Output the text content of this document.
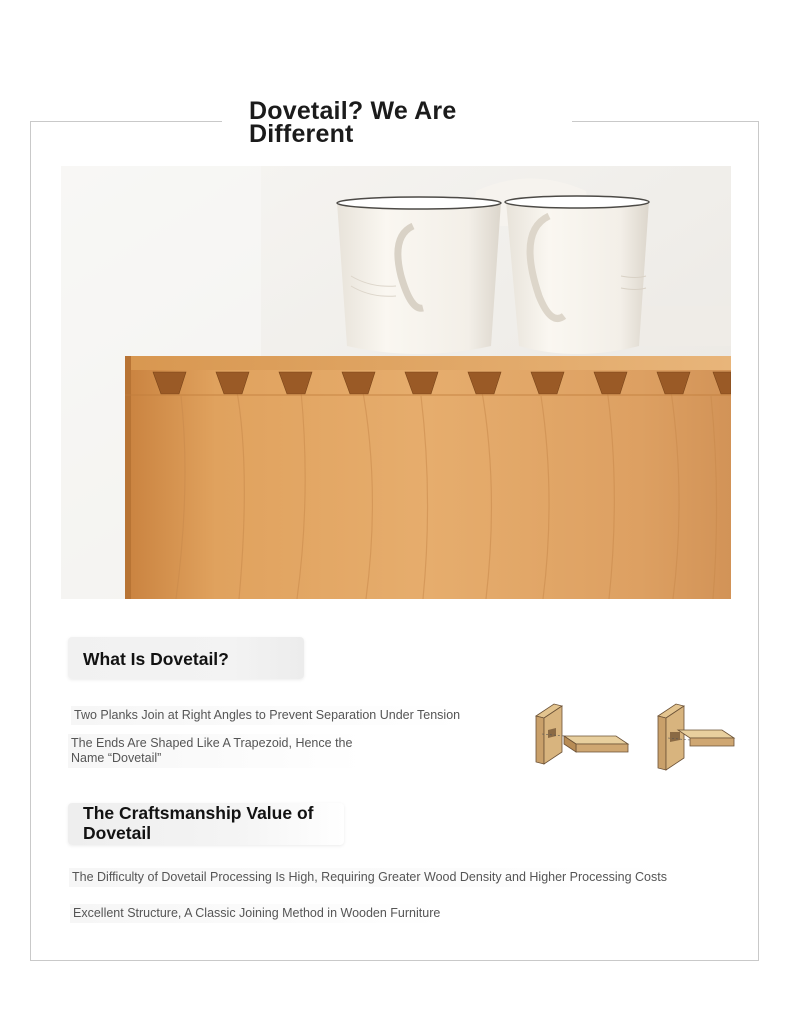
Dovetail? We Are Different
What Is Dovetail?
Two Planks Join at Right Angles to Prevent Separation Under Tension
The Ends Are Shaped Like A Trapezoid, Hence the Name “Dovetail”
The Craftsmanship Value of Dovetail
The Difficulty of Dovetail Processing Is High, Requiring Greater Wood Density and Higher Processing Costs
Excellent Structure, A Classic Joining Method in Wooden Furniture
